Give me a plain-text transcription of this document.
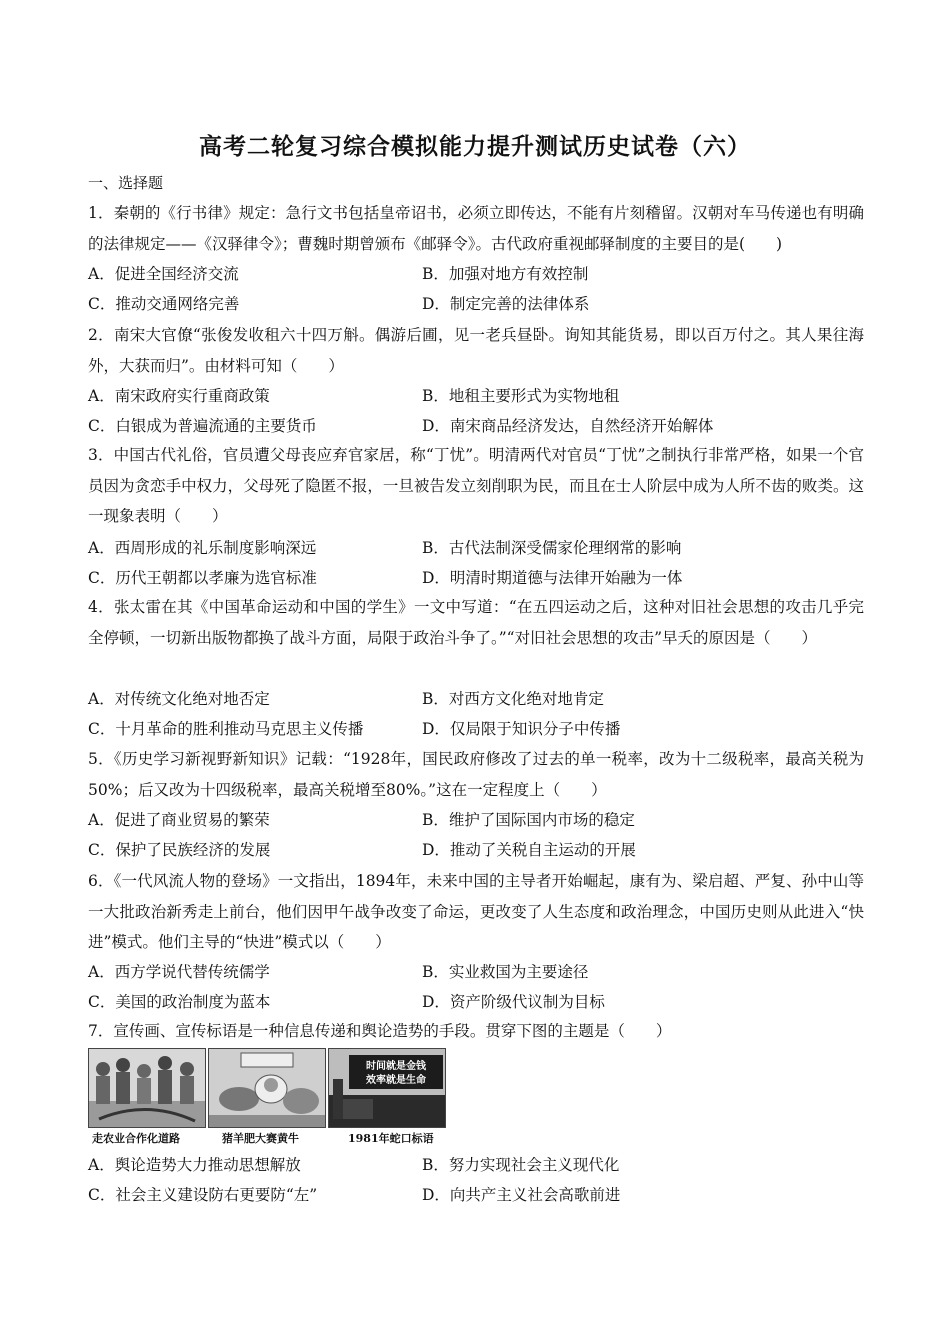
高考二轮复习综合模拟能力提升测试历史试卷（六）
一、选择题
1．秦朝的《行书律》规定：急行文书包括皇帝诏书，必须立即传达，不能有片刻稽留。汉朝对车马传递也有明确的法律规定——《汉驿律令》；曹魏时期曾颁布《邮驿令》。古代政府重视邮驿制度的主要目的是(　　)
A．促进全国经济交流	B．加强对地方有效控制
C．推动交通网络完善	D．制定完善的法律体系
2．南宋大官僚“张俊发收租六十四万斛。偶游后圃，见一老兵昼卧。询知其能货易，即以百万付之。其人果往海外，大获而归”。由材料可知（　　）
A．南宋政府实行重商政策	B．地租主要形式为实物地租
C．白银成为普遍流通的主要货币	D．南宋商品经济发达，自然经济开始解体
3．中国古代礼俗，官员遭父母丧应弃官家居，称“丁忧”。明清两代对官员“丁忧”之制执行非常严格，如果一个官员因为贪恋手中权力，父母死了隐匿不报，一旦被告发立刻削职为民，而且在士人阶层中成为人所不齿的败类。这一现象表明（　　）
A．西周形成的礼乐制度影响深远	B．古代法制深受儒家伦理纲常的影响
C．历代王朝都以孝廉为选官标准	D．明清时期道德与法律开始融为一体
4．张太雷在其《中国革命运动和中国的学生》一文中写道：“在五四运动之后，这种对旧社会思想的攻击几乎完全停顿，一切新出版物都换了战斗方面，局限于政治斗争了。”“对旧社会思想的攻击”早夭的原因是（　　）
A．对传统文化绝对地否定	B．对西方文化绝对地肯定
C．十月革命的胜利推动马克思主义传播	D．仅局限于知识分子中传播
5．《历史学习新视野新知识》记载：“1928年，国民政府修改了过去的单一税率，改为十二级税率，最高关税为50%；后又改为十四级税率，最高关税增至80%。”这在一定程度上（　　）
A．促进了商业贸易的繁荣	B．维护了国际国内市场的稳定
C．保护了民族经济的发展	D．推动了关税自主运动的开展
6．《一代风流人物的登场》一文指出，1894年，未来中国的主导者开始崛起，康有为、梁启超、严复、孙中山等一大批政治新秀走上前台，他们因甲午战争改变了命运，更改变了人生态度和政治理念，中国历史则从此进入“快进”模式。他们主导的“快进”模式以（　　）
A．西方学说代替传统儒学	B．实业救国为主要途径
C．美国的政治制度为蓝本	D．资产阶级代议制为目标
7．宣传画、宣传标语是一种信息传递和舆论造势的手段。贯穿下图的主题是（　　）
走农业合作化道路	猪羊肥大赛黄牛
时间就是金钱
效率就是生命
1981年蛇口标语
A．舆论造势大力推动思想解放	B．努力实现社会主义现代化
C．社会主义建设防右更要防“左”	D．向共产主义社会高歌前进
